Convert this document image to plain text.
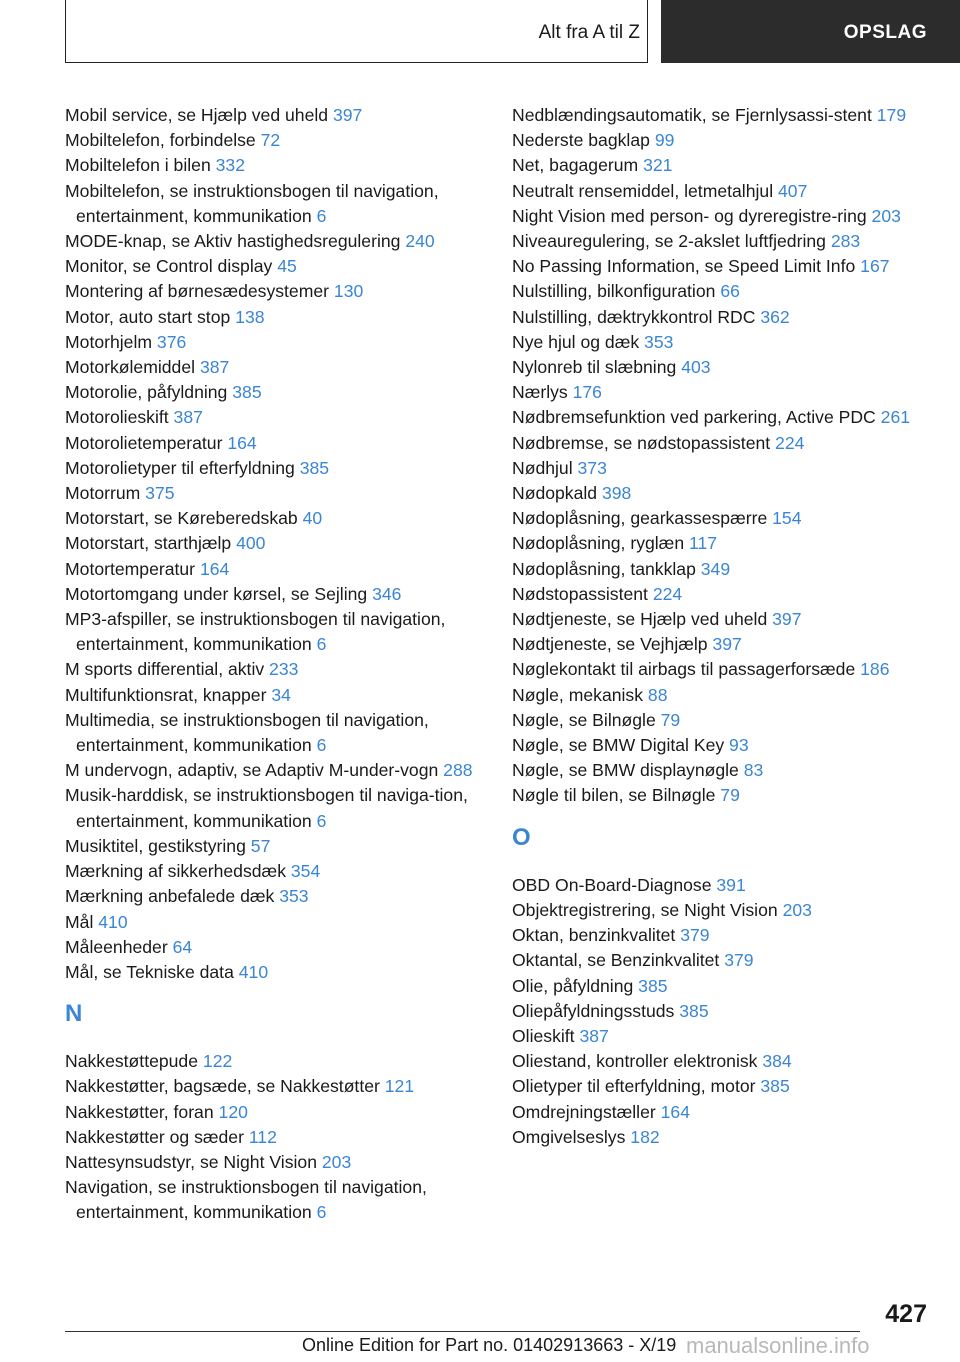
Alt fra A til Z	OPSLAG
Mobil service, se Hjælp ved uheld 397
Mobiltelefon, forbindelse 72
Mobiltelefon i bilen 332
Mobiltelefon, se instruktionsbogen til navigation, entertainment, kommunikation 6
MODE-knap, se Aktiv hastighedsregulering 240
Monitor, se Control display 45
Montering af børnesædesystemer 130
Motor, auto start stop 138
Motorhjelm 376
Motorkølemiddel 387
Motorolie, påfyldning 385
Motorolieskift 387
Motorolietemperatur 164
Motorolietyper til efterfyldning 385
Motorrum 375
Motorstart, se Køreberedskab 40
Motorstart, starthjælp 400
Motortemperatur 164
Motortomgang under kørsel, se Sejling 346
MP3-afspiller, se instruktionsbogen til navigation, entertainment, kommunikation 6
M sports differential, aktiv 233
Multifunktionsrat, knapper 34
Multimedia, se instruktionsbogen til navigation, entertainment, kommunikation 6
M undervogn, adaptiv, se Adaptiv M-under‐vogn 288
Musik-harddisk, se instruktionsbogen til naviga‐tion, entertainment, kommunikation 6
Musiktitel, gestikstyring 57
Mærkning af sikkerhedsdæk 354
Mærkning anbefalede dæk 353
Mål 410
Måleenheder 64
Mål, se Tekniske data 410
N
Nakkestøttepude 122
Nakkestøtter, bagsæde, se Nakkestøtter 121
Nakkestøtter, foran 120
Nakkestøtter og sæder 112
Nattesynsudstyr, se Night Vision 203
Navigation, se instruktionsbogen til navigation, entertainment, kommunikation 6
Nedblændingsautomatik, se Fjernlysassi‐stent 179
Nederste bagklap 99
Net, bagagerum 321
Neutralt rensemiddel, letmetalhjul 407
Night Vision med person- og dyreregistre‐ring 203
Niveauregulering, se 2-akslet luftfjedring 283
No Passing Information, se Speed Limit Info 167
Nulstilling, bilkonfiguration 66
Nulstilling, dæktrykkontrol RDC 362
Nye hjul og dæk 353
Nylonreb til slæbning 403
Nærlys 176
Nødbremsefunktion ved parkering, Active PDC 261
Nødbremse, se nødstopassistent 224
Nødhjul 373
Nødopkald 398
Nødoplåsning, gearkassespærre 154
Nødoplåsning, ryglæn 117
Nødoplåsning, tankklap 349
Nødstopassistent 224
Nødtjeneste, se Hjælp ved uheld 397
Nødtjeneste, se Vejhjælp 397
Nøglekontakt til airbags til passagerforsæde 186
Nøgle, mekanisk 88
Nøgle, se Bilnøgle 79
Nøgle, se BMW Digital Key 93
Nøgle, se BMW displaynøgle 83
Nøgle til bilen, se Bilnøgle 79
O
OBD On-Board-Diagnose 391
Objektregistrering, se Night Vision 203
Oktan, benzinkvalitet 379
Oktantal, se Benzinkvalitet 379
Olie, påfyldning 385
Oliepåfyldningsstuds 385
Olieskift 387
Oliestand, kontroller elektronisk 384
Olietyper til efterfyldning, motor 385
Omdrejningstæller 164
Omgivelseslys 182
427
Online Edition for Part no. 01402913663 - X/19 manualsonline.info
